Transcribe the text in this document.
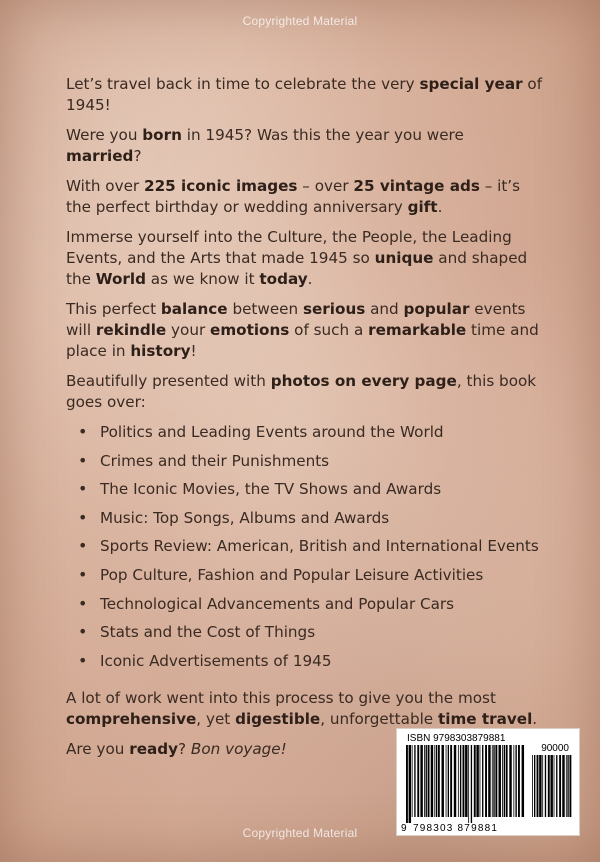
Copyrighted Material

Let’s travel back in time to celebrate the very special year of 1945!

Were you born in 1945? Was this the year you were married?

With over 225 iconic images – over 25 vintage ads – it’s the perfect birthday or wedding anniversary gift.

Immerse yourself into the Culture, the People, the Leading Events, and the Arts that made 1945 so unique and shaped the World as we know it today.

This perfect balance between serious and popular events will rekindle your emotions of such a remarkable time and place in history!

Beautifully presented with photos on every page, this book goes over:

• Politics and Leading Events around the World
• Crimes and their Punishments
• The Iconic Movies, the TV Shows and Awards
• Music: Top Songs, Albums and Awards
• Sports Review: American, British and International Events
• Pop Culture, Fashion and Popular Leisure Activities
• Technological Advancements and Popular Cars
• Stats and the Cost of Things
• Iconic Advertisements of 1945

A lot of work went into this process to give you the most comprehensive, yet digestible, unforgettable time travel.

Are you ready? Bon voyage!

ISBN 9798303879881
90000
9 798303 879881
Copyrighted Material
